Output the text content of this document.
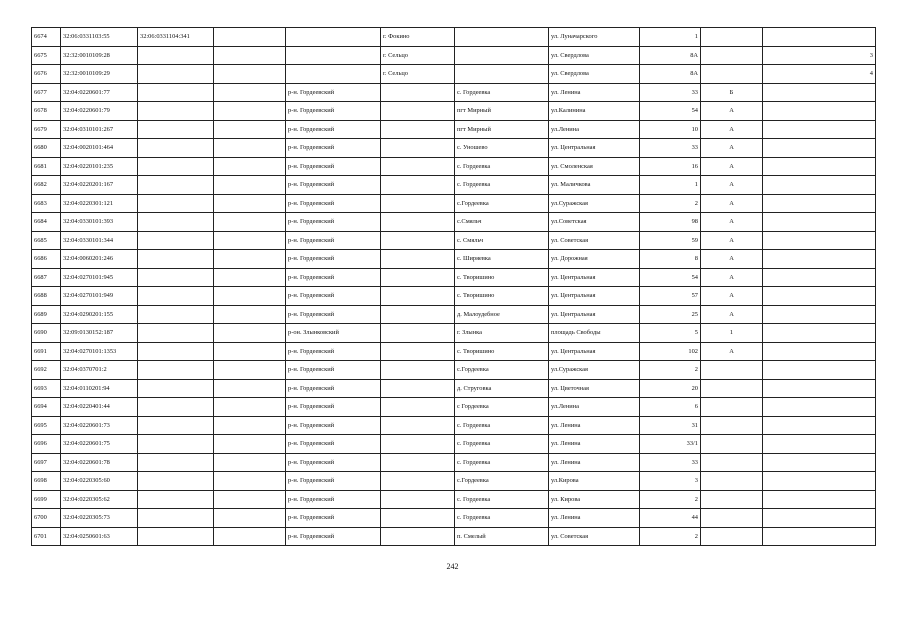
6674	32:06:0331103:55	32:06:0331104:341			г. Фокино		ул. Луначарского	1		
6675	32:32:0010109:28				г. Сельцо		ул. Свердлова	8А		3
6676	32:32:0010109:29				г. Сельцо		ул. Свердлова	8А		4
6677	32:04:0220601:77			р-н. Гордеевский		с. Гордеевка	ул. Ленина	33	Б	
6678	32:04:0220601:79			р-н. Гордеевский		пгт Мирный	ул.Калинина	54	А	
6679	32:04:0310101:267			р-н. Гордеевский		пгт Мирный	ул.Ленина	10	А	
6680	32:04:0020101:464			р-н. Гордеевский		с. Уношево	ул. Центральная	33	А	
6681	32:04:0220101:235			р-н. Гордеевский		с. Гордеевка	ул. Смоленская	16	А	
6682	32:04:0220201:167			р-н. Гордеевский		с. Гордеевка	ул. Маличкова	1	А	
6683	32:04:0220301:121			р-н. Гордеевский		с.Гордеевка	ул.Суражская	2	А	
6684	32:04:0330101:393			р-н. Гордеевский		с.Смяльч	ул.Советская	98	А	
6685	32:04:0330101:344			р-н. Гордеевский		с. Смяльч	ул. Советская	59	А	
6686	32:04:0060201:246			р-н. Гордеевский		с. Ширяевка	ул. Дорожная	8	А	
6687	32:04:0270101:945			р-н. Гордеевский		с. Творишино	ул. Центральная	54	А	
6688	32:04:0270101:949			р-н. Гордеевский		с. Творишино	ул. Центральная	57	А	
6689	32:04:0290201:155			р-н. Гордеевский		д. Малоудебное	ул. Центральная	25	А	
6690	32:09:0130152:187			р-он. Злынковский		г. Злынка	площадь Свободы	5	1	
6691	32:04:0270101:1353			р-н. Гордеевский		с. Творишино	ул. Центральная	102	А	
6692	32:04:0370701:2			р-н. Гордеевский		с.Гордеевка	ул.Суражская	2		
6693	32:04:0110201:94			р-н. Гордеевский		д. Струговка	ул. Цветочная	20		
6694	32:04:0220401:44			р-н. Гордеевский		с Гордеевка	ул.Ленина	6		
6695	32:04:0220601:73			р-н. Гордеевский		с. Гордеевка	ул. Ленина	31		
6696	32:04:0220601:75			р-н. Гордеевский		с. Гордеевка	ул. Ленина	33/1		
6697	32:04:0220601:78			р-н. Гордеевский		с. Гордеевка	ул. Ленина	33		
6698	32:04:0220305:60			р-н. Гордеевский		с.Гордеевка	ул.Кирова	3		
6699	32:04:0220305:62			р-н. Гордеевский		с. Гордеевка	ул. Кирова	2		
6700	32:04:0220305:73			р-н. Гордеевский		с. Гордеевка	ул. Ленина	44		
6701	32:04:0250601:63			р-н. Гордеевский		п. Смелый	ул. Советская	2		
242
